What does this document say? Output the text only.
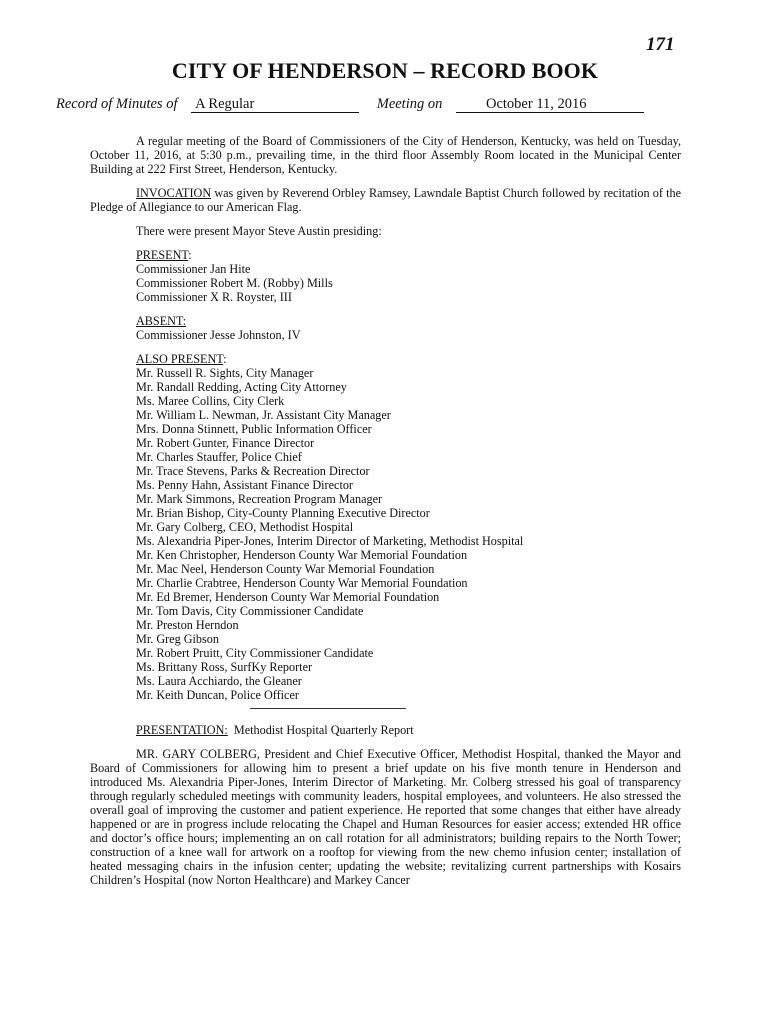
171
CITY OF HENDERSON – RECORD BOOK
Record of Minutes of A Regular	Meeting on	October 11, 2016

A regular meeting of the Board of Commissioners of the City of Henderson, Kentucky, was held on Tuesday, October 11, 2016, at 5:30 p.m., prevailing time, in the third floor Assembly Room located in the Municipal Center Building at 222 First Street, Henderson, Kentucky.

INVOCATION was given by Reverend Orbley Ramsey, Lawndale Baptist Church followed by recitation of the Pledge of Allegiance to our American Flag.

There were present Mayor Steve Austin presiding:

PRESENT:
Commissioner Jan Hite
Commissioner Robert M. (Robby) Mills
Commissioner X R. Royster, III
ABSENT:
Commissioner Jesse Johnston, IV
ALSO PRESENT:
Mr. Russell R. Sights, City Manager
Mr. Randall Redding, Acting City Attorney
Ms. Maree Collins, City Clerk
Mr. William L. Newman, Jr. Assistant City Manager
Mrs. Donna Stinnett, Public Information Officer
Mr. Robert Gunter, Finance Director
Mr. Charles Stauffer, Police Chief
Mr. Trace Stevens, Parks & Recreation Director
Ms. Penny Hahn, Assistant Finance Director
Mr. Mark Simmons, Recreation Program Manager
Mr. Brian Bishop, City-County Planning Executive Director
Mr. Gary Colberg, CEO, Methodist Hospital
Ms. Alexandria Piper-Jones, Interim Director of Marketing, Methodist Hospital
Mr. Ken Christopher, Henderson County War Memorial Foundation
Mr. Mac Neel, Henderson County War Memorial Foundation
Mr. Charlie Crabtree, Henderson County War Memorial Foundation
Mr. Ed Bremer, Henderson County War Memorial Foundation
Mr. Tom Davis, City Commissioner Candidate
Mr. Preston Herndon
Mr. Greg Gibson
Mr. Robert Pruitt, City Commissioner Candidate
Ms. Brittany Ross, SurfKy Reporter
Ms. Laura Acchiardo, the Gleaner
Mr. Keith Duncan, Police Officer

PRESENTATION:  Methodist Hospital Quarterly Report

MR. GARY COLBERG, President and Chief Executive Officer, Methodist Hospital, thanked the Mayor and Board of Commissioners for allowing him to present a brief update on his five month tenure in Henderson and introduced Ms. Alexandria Piper-Jones, Interim Director of Marketing. Mr. Colberg stressed his goal of transparency through regularly scheduled meetings with community leaders, hospital employees, and volunteers. He also stressed the overall goal of improving the customer and patient experience. He reported that some changes that either have already happened or are in progress include relocating the Chapel and Human Resources for easier access; extended HR office and doctor’s office hours; implementing an on call rotation for all administrators; building repairs to the North Tower; construction of a knee wall for artwork on a rooftop for viewing from the new chemo infusion center; installation of heated messaging chairs in the infusion center; updating the website; revitalizing current partnerships with Kosairs Children’s Hospital (now Norton Healthcare) and Markey Cancer
